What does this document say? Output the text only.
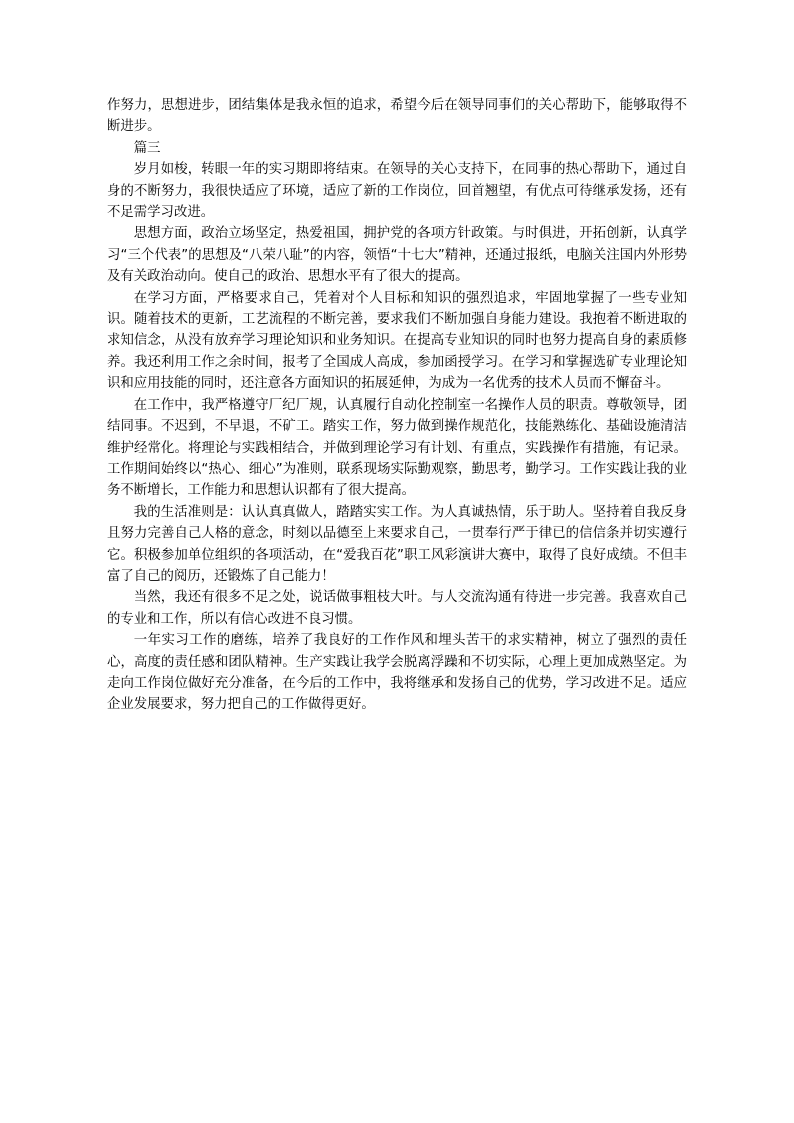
作努力，思想进步，团结集体是我永恒的追求，希望今后在领导同事们的关心帮助下，能够取得不断进步。

篇三

岁月如梭，转眼一年的实习期即将结束。在领导的关心支持下，在同事的热心帮助下，通过自身的不断努力，我很快适应了环境，适应了新的工作岗位，回首翘望，有优点可待继承发扬，还有不足需学习改进。

思想方面，政治立场坚定，热爱祖国，拥护党的各项方针政策。与时俱进，开拓创新，认真学习“三个代表”的思想及“八荣八耻”的内容，领悟“十七大”精神，还通过报纸，电脑关注国内外形势及有关政治动向。使自己的政治、思想水平有了很大的提高。

在学习方面，严格要求自己，凭着对个人目标和知识的强烈追求，牢固地掌握了一些专业知识。随着技术的更新，工艺流程的不断完善，要求我们不断加强自身能力建设。我抱着不断进取的求知信念，从没有放弃学习理论知识和业务知识。在提高专业知识的同时也努力提高自身的素质修养。我还利用工作之余时间，报考了全国成人高成，参加函授学习。在学习和掌握选矿专业理论知识和应用技能的同时，还注意各方面知识的拓展延伸，为成为一名优秀的技术人员而不懈奋斗。

在工作中，我严格遵守厂纪厂规，认真履行自动化控制室一名操作人员的职责。尊敬领导，团结同事。不迟到，不早退，不矿工。踏实工作，努力做到操作规范化，技能熟练化、基础设施清洁维护经常化。将理论与实践相结合，并做到理论学习有计划、有重点，实践操作有措施，有记录。工作期间始终以“热心、细心”为准则，联系现场实际勤观察，勤思考，勤学习。工作实践让我的业务不断增长，工作能力和思想认识都有了很大提高。

我的生活准则是：认认真真做人，踏踏实实工作。为人真诚热情，乐于助人。坚持着自我反身且努力完善自己人格的意念，时刻以品德至上来要求自己，一贯奉行严于律已的信信条并切实遵行它。积极参加单位组织的各项活动，在“爱我百花”职工风彩演讲大赛中，取得了良好成绩。不但丰富了自己的阅历，还锻炼了自己能力！

当然，我还有很多不足之处，说话做事粗枝大叶。与人交流沟通有待进一步完善。我喜欢自己的专业和工作，所以有信心改进不良习惯。

一年实习工作的磨练，培养了我良好的工作作风和埋头苦干的求实精神，树立了强烈的责任心，高度的责任感和团队精神。生产实践让我学会脱离浮躁和不切实际，心理上更加成熟坚定。为走向工作岗位做好充分准备，在今后的工作中，我将继承和发扬自己的优势，学习改进不足。适应企业发展要求，努力把自己的工作做得更好。
